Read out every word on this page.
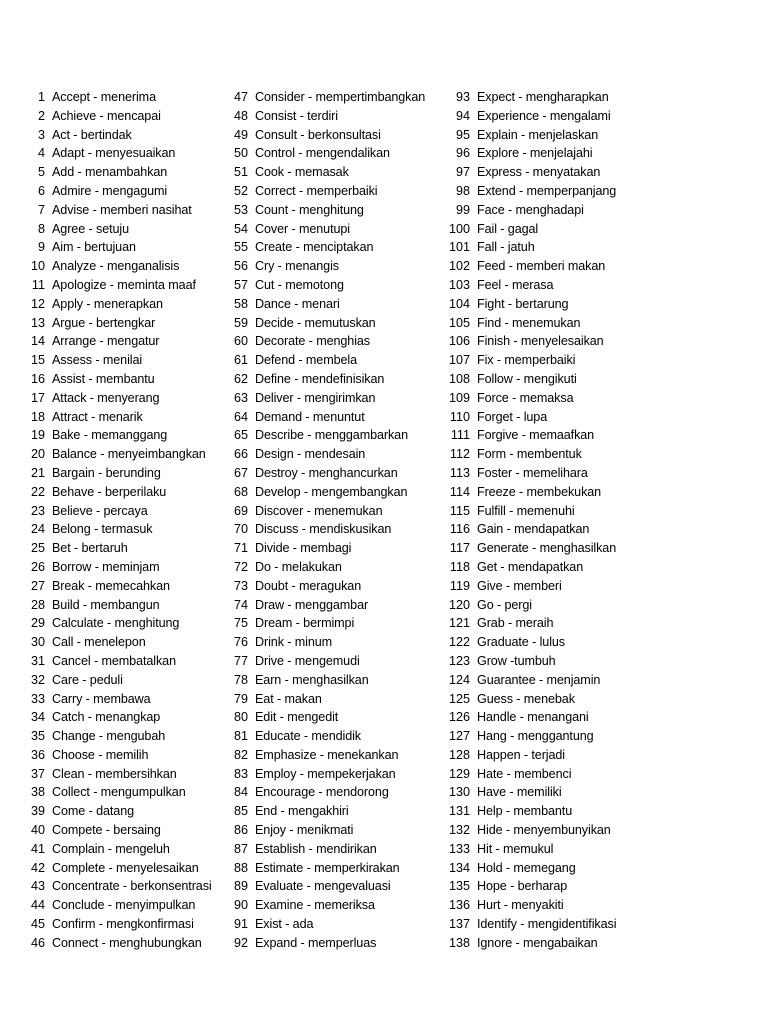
1 Accept - menerima
2 Achieve - mencapai
3 Act - bertindak
4 Adapt - menyesuaikan
5 Add - menambahkan
6 Admire - mengagumi
7 Advise - memberi nasihat
8 Agree - setuju
9 Aim - bertujuan
10 Analyze - menganalisis
11 Apologize - meminta maaf
12 Apply - menerapkan
13 Argue - bertengkar
14 Arrange - mengatur
15 Assess - menilai
16 Assist - membantu
17 Attack - menyerang
18 Attract - menarik
19 Bake - memanggang
20 Balance - menyeimbangkan
21 Bargain - berunding
22 Behave - berperilaku
23 Believe - percaya
24 Belong - termasuk
25 Bet - bertaruh
26 Borrow - meminjam
27 Break - memecahkan
28 Build - membangun
29 Calculate - menghitung
30 Call - menelepon
31 Cancel - membatalkan
32 Care - peduli
33 Carry - membawa
34 Catch - menangkap
35 Change - mengubah
36 Choose - memilih
37 Clean - membersihkan
38 Collect - mengumpulkan
39 Come - datang
40 Compete - bersaing
41 Complain - mengeluh
42 Complete - menyelesaikan
43 Concentrate - berkonsentrasi
44 Conclude - menyimpulkan
45 Confirm - mengkonfirmasi
46 Connect - menghubungkan
47 Consider - mempertimbangkan
48 Consist - terdiri
49 Consult - berkonsultasi
50 Control - mengendalikan
51 Cook - memasak
52 Correct - memperbaiki
53 Count - menghitung
54 Cover - menutupi
55 Create - menciptakan
56 Cry - menangis
57 Cut - memotong
58 Dance - menari
59 Decide - memutuskan
60 Decorate - menghias
61 Defend - membela
62 Define - mendefinisikan
63 Deliver - mengirimkan
64 Demand - menuntut
65 Describe - menggambarkan
66 Design - mendesain
67 Destroy - menghancurkan
68 Develop - mengembangkan
69 Discover - menemukan
70 Discuss - mendiskusikan
71 Divide - membagi
72 Do - melakukan
73 Doubt - meragukan
74 Draw - menggambar
75 Dream - bermimpi
76 Drink - minum
77 Drive - mengemudi
78 Earn - menghasilkan
79 Eat - makan
80 Edit - mengedit
81 Educate - mendidik
82 Emphasize - menekankan
83 Employ - mempekerjakan
84 Encourage - mendorong
85 End - mengakhiri
86 Enjoy - menikmati
87 Establish - mendirikan
88 Estimate - memperkirakan
89 Evaluate - mengevaluasi
90 Examine - memeriksa
91 Exist - ada
92 Expand - memperluas
93 Expect - mengharapkan
94 Experience - mengalami
95 Explain - menjelaskan
96 Explore - menjelajahi
97 Express - menyatakan
98 Extend - memperpanjang
99 Face - menghadapi
100 Fail - gagal
101 Fall - jatuh
102 Feed - memberi makan
103 Feel - merasa
104 Fight - bertarung
105 Find - menemukan
106 Finish - menyelesaikan
107 Fix - memperbaiki
108 Follow - mengikuti
109 Force - memaksa
110 Forget - lupa
111 Forgive - memaafkan
112 Form - membentuk
113 Foster - memelihara
114 Freeze - membekukan
115 Fulfill - memenuhi
116 Gain - mendapatkan
117 Generate - menghasilkan
118 Get - mendapatkan
119 Give - memberi
120 Go - pergi
121 Grab - meraih
122 Graduate - lulus
123 Grow -tumbuh
124 Guarantee - menjamin
125 Guess - menebak
126 Handle - menangani
127 Hang - menggantung
128 Happen - terjadi
129 Hate - membenci
130 Have - memiliki
131 Help - membantu
132 Hide - menyembunyikan
133 Hit - memukul
134 Hold - memegang
135 Hope - berharap
136 Hurt - menyakiti
137 Identify - mengidentifikasi
138 Ignore - mengabaikan
